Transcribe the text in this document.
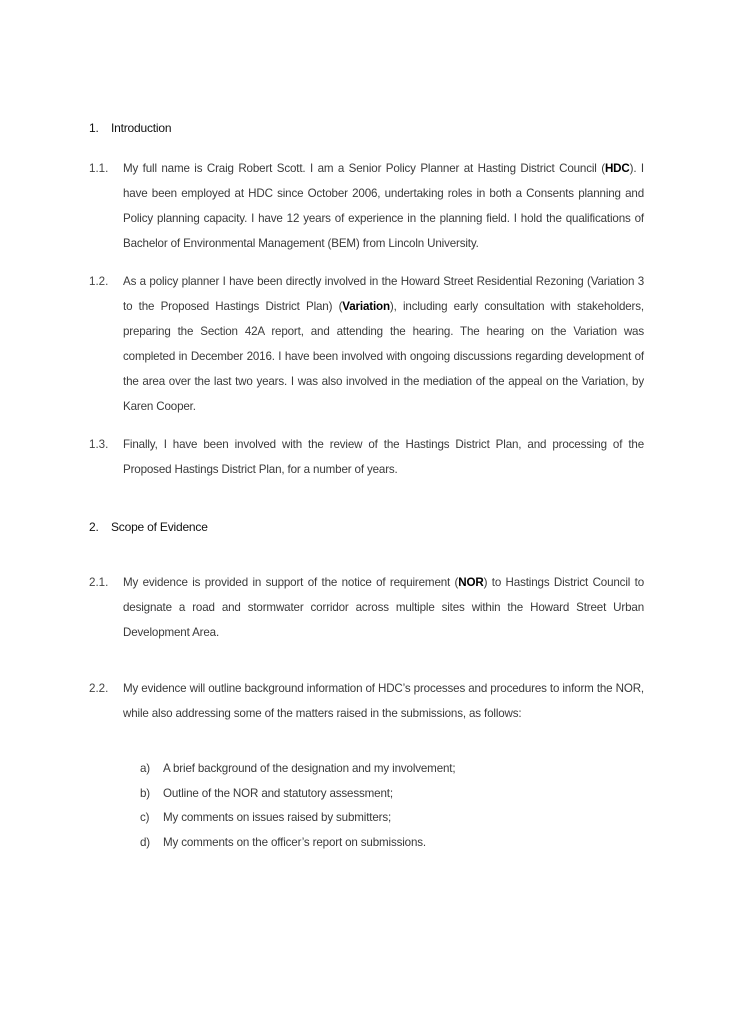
1. Introduction
1.1. My full name is Craig Robert Scott. I am a Senior Policy Planner at Hasting District Council (HDC). I have been employed at HDC since October 2006, undertaking roles in both a Consents planning and Policy planning capacity. I have 12 years of experience in the planning field. I hold the qualifications of Bachelor of Environmental Management (BEM) from Lincoln University.
1.2. As a policy planner I have been directly involved in the Howard Street Residential Rezoning (Variation 3 to the Proposed Hastings District Plan) (Variation), including early consultation with stakeholders, preparing the Section 42A report, and attending the hearing. The hearing on the Variation was completed in December 2016. I have been involved with ongoing discussions regarding development of the area over the last two years. I was also involved in the mediation of the appeal on the Variation, by Karen Cooper.
1.3. Finally, I have been involved with the review of the Hastings District Plan, and processing of the Proposed Hastings District Plan, for a number of years.
2. Scope of Evidence
2.1. My evidence is provided in support of the notice of requirement (NOR) to Hastings District Council to designate a road and stormwater corridor across multiple sites within the Howard Street Urban Development Area.
2.2. My evidence will outline background information of HDC’s processes and procedures to inform the NOR, while also addressing some of the matters raised in the submissions, as follows:
a)	A brief background of the designation and my involvement;
b)	Outline of the NOR and statutory assessment;
c)	My comments on issues raised by submitters;
d)	My comments on the officer’s report on submissions.
